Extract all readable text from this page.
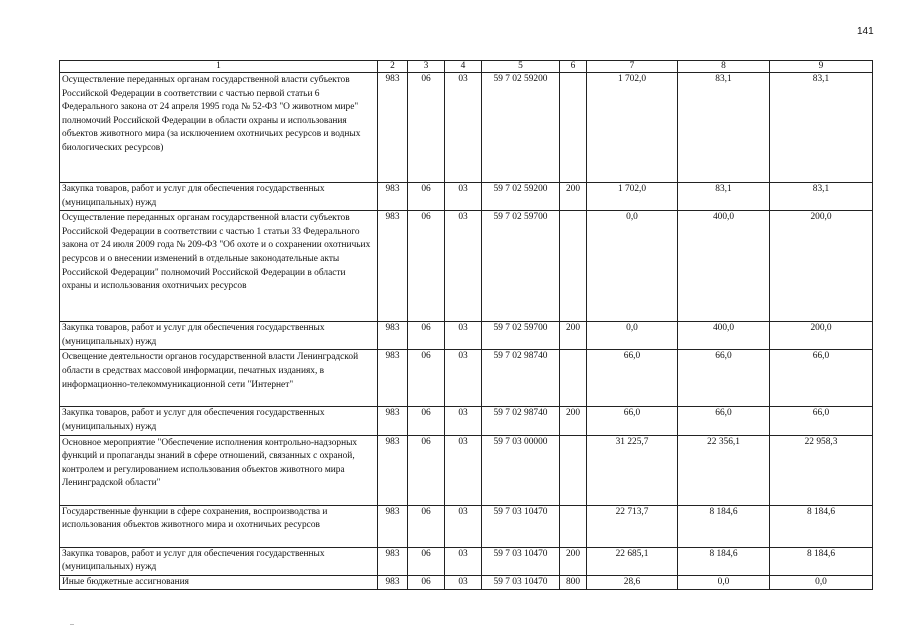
141
1	2	3	4	5	6	7	8	9
Осуществление переданных органам государственной власти субъектов Российской Федерации в соответствии с частью первой статьи 6 Федерального закона от 24 апреля 1995 года № 52-ФЗ "О животном мире" полномочий Российской Федерации в области охраны и использования объектов животного мира (за исключением охотничьих ресурсов и водных биологических ресурсов)	983	06	03	59 7 02 59200		1 702,0	83,1	83,1
Закупка товаров, работ и услуг для обеспечения государственных (муниципальных) нужд	983	06	03	59 7 02 59200	200	1 702,0	83,1	83,1
Осуществление переданных органам государственной власти субъектов Российской Федерации в соответствии с частью 1 статьи 33 Федерального закона от 24 июля 2009 года № 209-ФЗ "Об охоте и о сохранении охотничьих ресурсов и о внесении изменений в отдельные законодательные акты Российской Федерации" полномочий Российской Федерации в области охраны и использования охотничьих ресурсов	983	06	03	59 7 02 59700		0,0	400,0	200,0
Закупка товаров, работ и услуг для обеспечения государственных (муниципальных) нужд	983	06	03	59 7 02 59700	200	0,0	400,0	200,0
Освещение деятельности органов государственной власти Ленинградской области в средствах массовой информации, печатных изданиях, в информационно-телекоммуникационной сети "Интернет"	983	06	03	59 7 02 98740		66,0	66,0	66,0
Закупка товаров, работ и услуг для обеспечения государственных (муниципальных) нужд	983	06	03	59 7 02 98740	200	66,0	66,0	66,0
Основное мероприятие "Обеспечение исполнения контрольно-надзорных функций и пропаганды знаний в сфере отношений, связанных с охраной, контролем и регулированием использования объектов животного мира Ленинградской области"	983	06	03	59 7 03 00000		31 225,7	22 356,1	22 958,3
Государственные функции в сфере сохранения, воспроизводства и использования объектов животного мира и охотничьих ресурсов	983	06	03	59 7 03 10470		22 713,7	8 184,6	8 184,6
Закупка товаров, работ и услуг для обеспечения государственных (муниципальных) нужд	983	06	03	59 7 03 10470	200	22 685,1	8 184,6	8 184,6
Иные бюджетные ассигнования	983	06	03	59 7 03 10470	800	28,6	0,0	0,0
